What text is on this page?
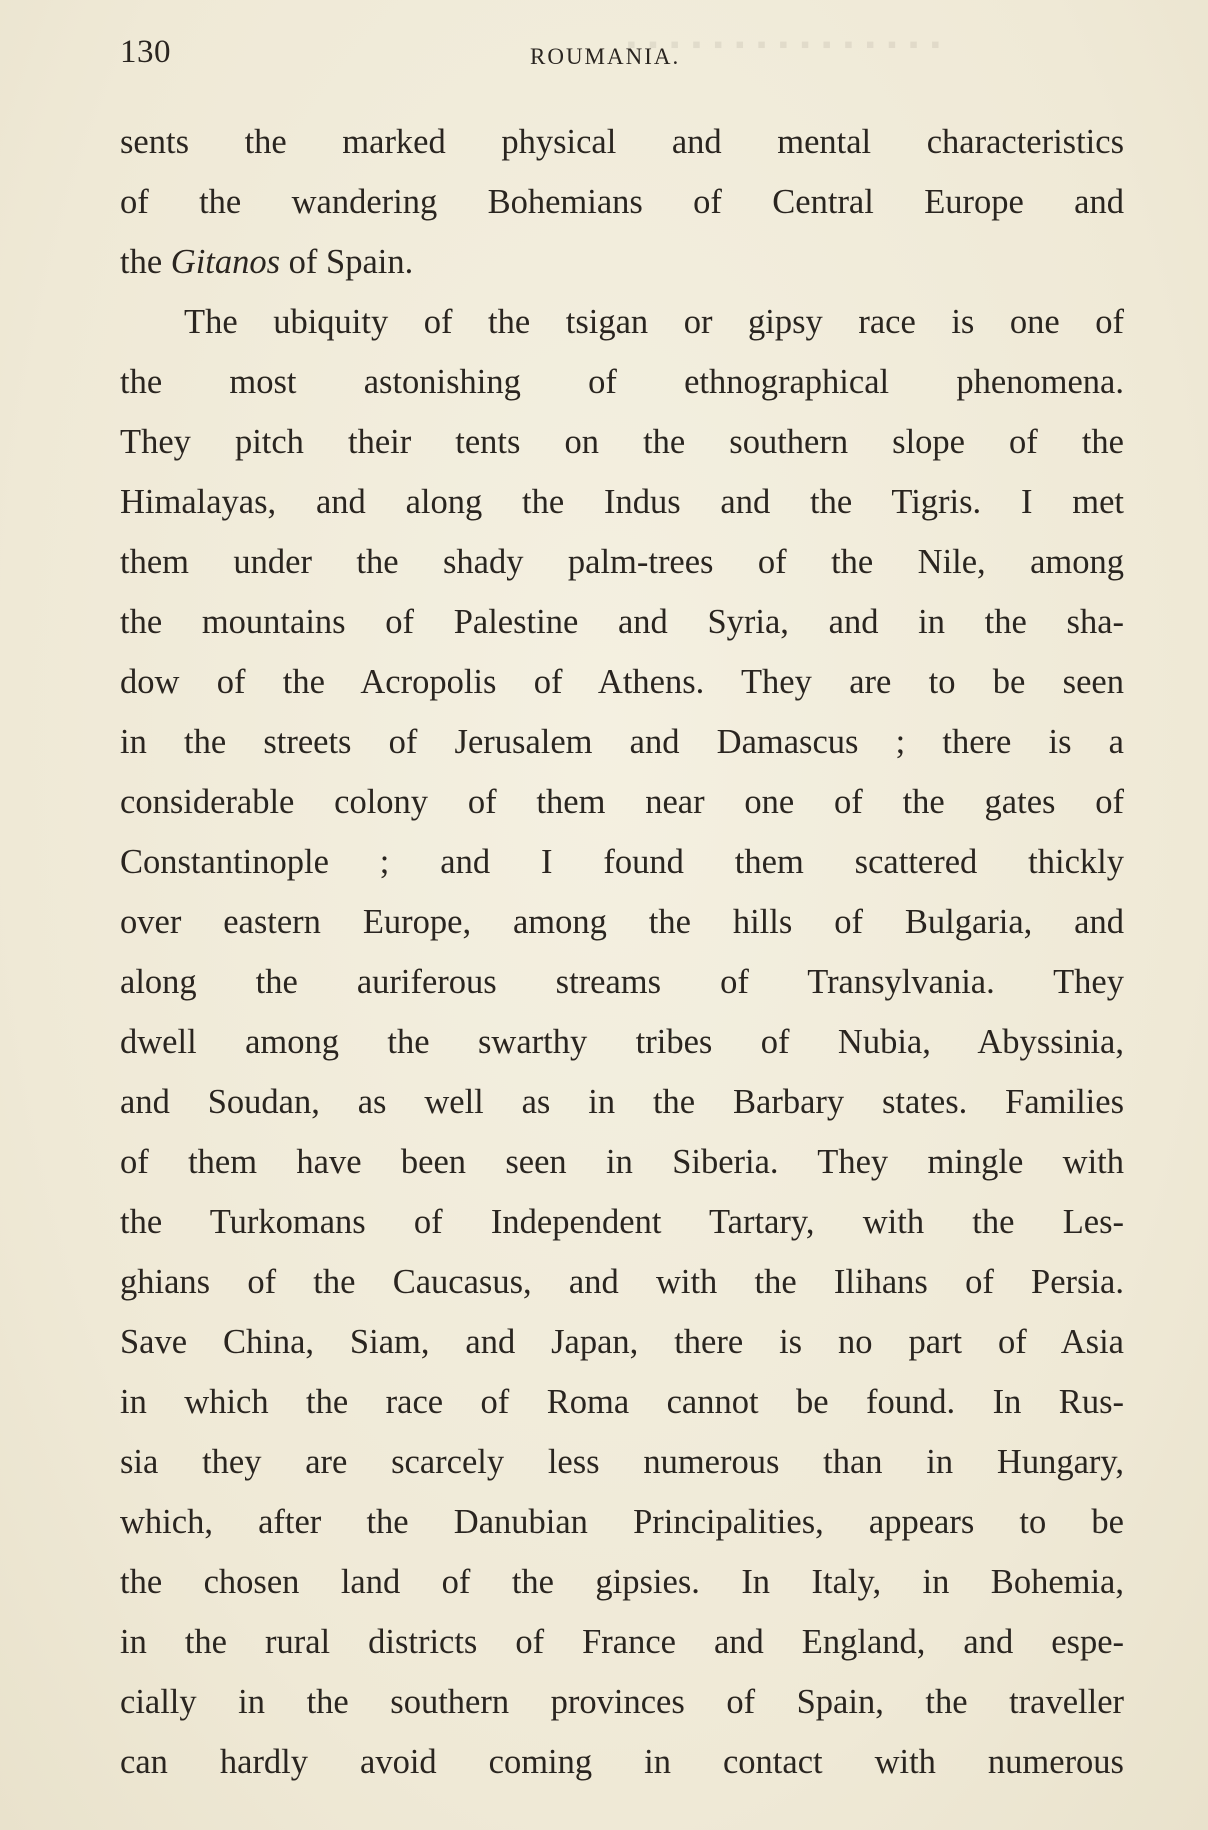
▪ ▪ ▪ ▪ ▪ ▪ ▪ ▪ ▪ ▪ ▪ ▪ ▪ ▪ ▪
130	ROUMANIA.
sents the marked physical and mental characteristics
of the wandering Bohemians of Central Europe and
the Gitanos of Spain.
The ubiquity of the tsigan or gipsy race is one of
the most astonishing of ethnographical phenomena.
They pitch their tents on the southern slope of the
Himalayas, and along the Indus and the Tigris. I met
them under the shady palm-trees of the Nile, among
the mountains of Palestine and Syria, and in the sha-
dow of the Acropolis of Athens. They are to be seen
in the streets of Jerusalem and Damascus ; there is a
considerable colony of them near one of the gates of
Constantinople ; and I found them scattered thickly
over eastern Europe, among the hills of Bulgaria, and
along the auriferous streams of Transylvania. They
dwell among the swarthy tribes of Nubia, Abyssinia,
and Soudan, as well as in the Barbary states. Families
of them have been seen in Siberia. They mingle with
the Turkomans of Independent Tartary, with the Les-
ghians of the Caucasus, and with the Ilihans of Persia.
Save China, Siam, and Japan, there is no part of Asia
in which the race of Roma cannot be found. In Rus-
sia they are scarcely less numerous than in Hungary,
which, after the Danubian Principalities, appears to be
the chosen land of the gipsies. In Italy, in Bohemia,
in the rural districts of France and England, and espe-
cially in the southern provinces of Spain, the traveller
can hardly avoid coming in contact with numerous
